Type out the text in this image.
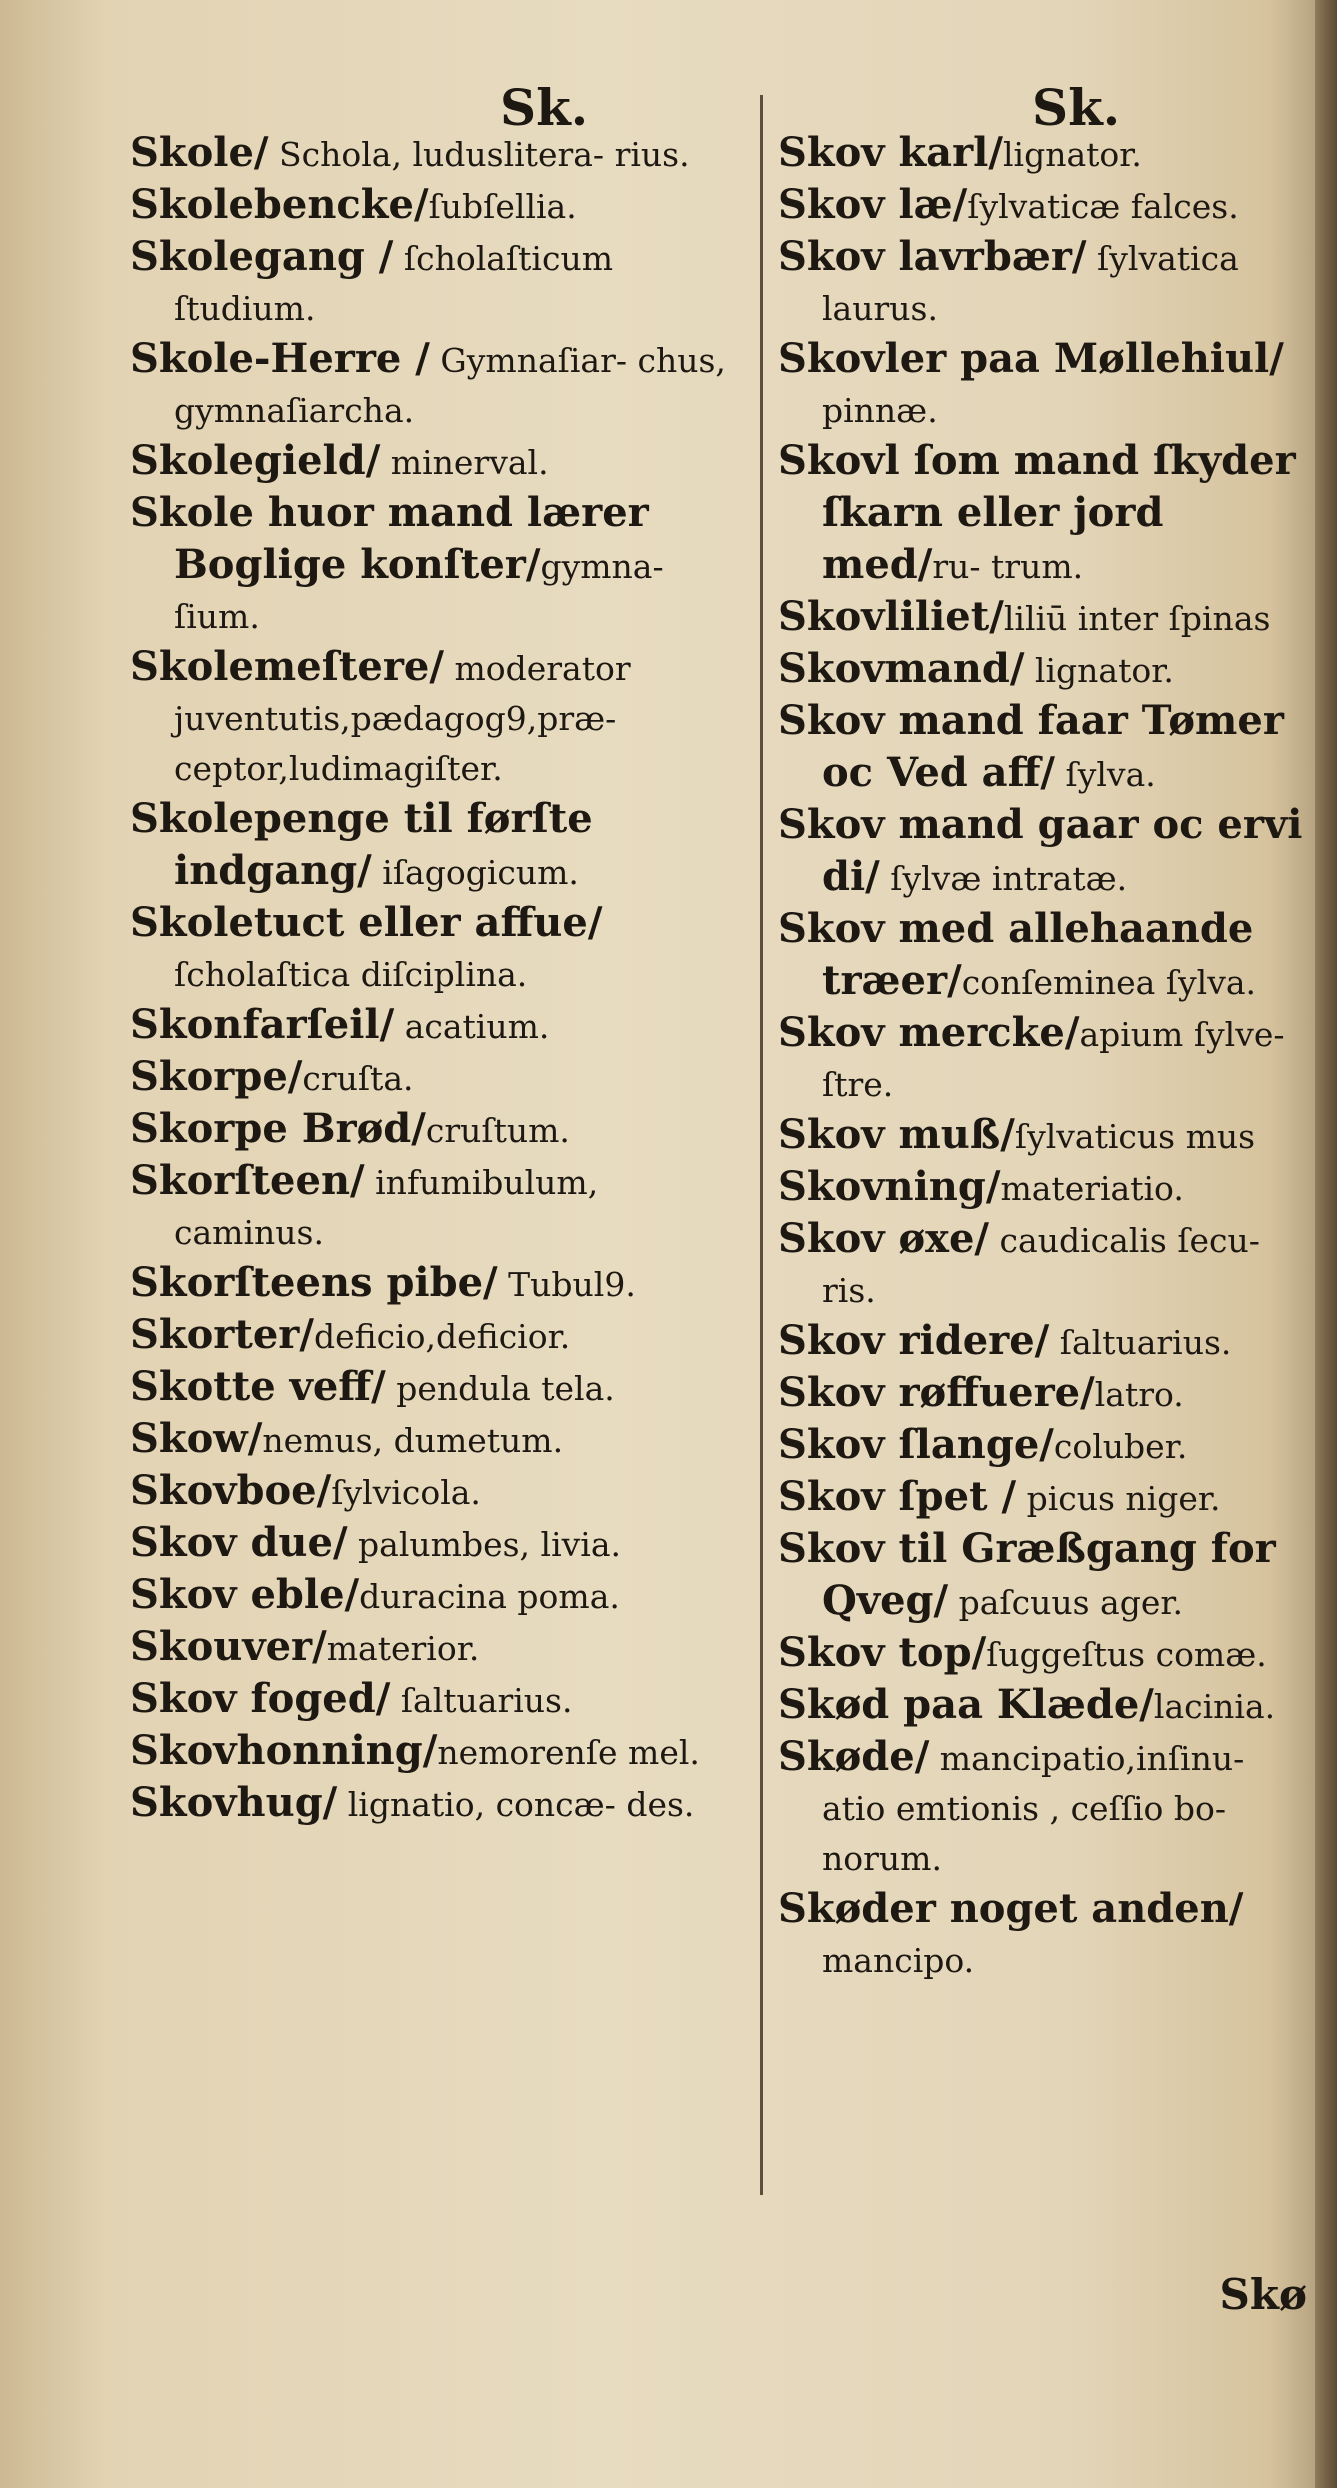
Sk.
Skole/ Schola, luduslitera- rius.
Skolebencke/ſubſellia.
Skolegang / ſcholaſticum ſtudium.
Skole-Herre / Gymnaſiar- chus, gymnaſiarcha.
Skolegield/ minerval.
Skole huor mand lærer Boglige konſter/gymna- ſium.
Skolemeſtere/ moderator juventutis,pædagog9,præ- ceptor,ludimagiſter.
Skolepenge til førſte indgang/ iſagogicum.
Skoletuct eller affue/ ſcholaſtica diſciplina.
Skonfarſeil/ acatium.
Skorpe/cruſta.
Skorpe Brød/cruſtum.
Skorſteen/ infumibulum, caminus.
Skorſteens pibe/ Tubul9.
Skorter/deficio,deficior.
Skotte veff/ pendula tela.
Skow/nemus, dumetum.
Skovboe/ſylvicola.
Skov due/ palumbes, livia.
Skov eble/duracina poma.
Skouver/materior.
Skov foged/ ſaltuarius.
Skovhonning/nemorenſe mel.
Skovhug/ lignatio, concæ- des.
Sk.
Skov karl/lignator.
Skov læ/ſylvaticæ falces.
Skov lavrbær/ ſylvatica laurus.
Skovler paa Møllehiul/ pinnæ.
Skovl ſom mand ſkyder ſkarn eller jord med/ru- trum.
Skovliliet/liliū inter ſpinas
Skovmand/ lignator.
Skov mand faar Tømer oc Ved aff/ ſylva.
Skov mand gaar oc ervi di/ ſylvæ intratæ.
Skov med allehaande træer/conſeminea ſylva.
Skov mercke/apium ſylve- ſtre.
Skov muß/ſylvaticus mus
Skovning/materiatio.
Skov øxe/ caudicalis ſecu- ris.
Skov ridere/ ſaltuarius.
Skov røffuere/latro.
Skov ſlange/coluber.
Skov ſpet / picus niger.
Skov til Græßgang for Qveg/ paſcuus ager.
Skov top/ſuggeſtus comæ.
Skød paa Klæde/lacinia.
Skøde/ mancipatio,inſinu- atio emtionis , ceſſio bo- norum.
Skøder noget anden/ mancipo.
Skø
